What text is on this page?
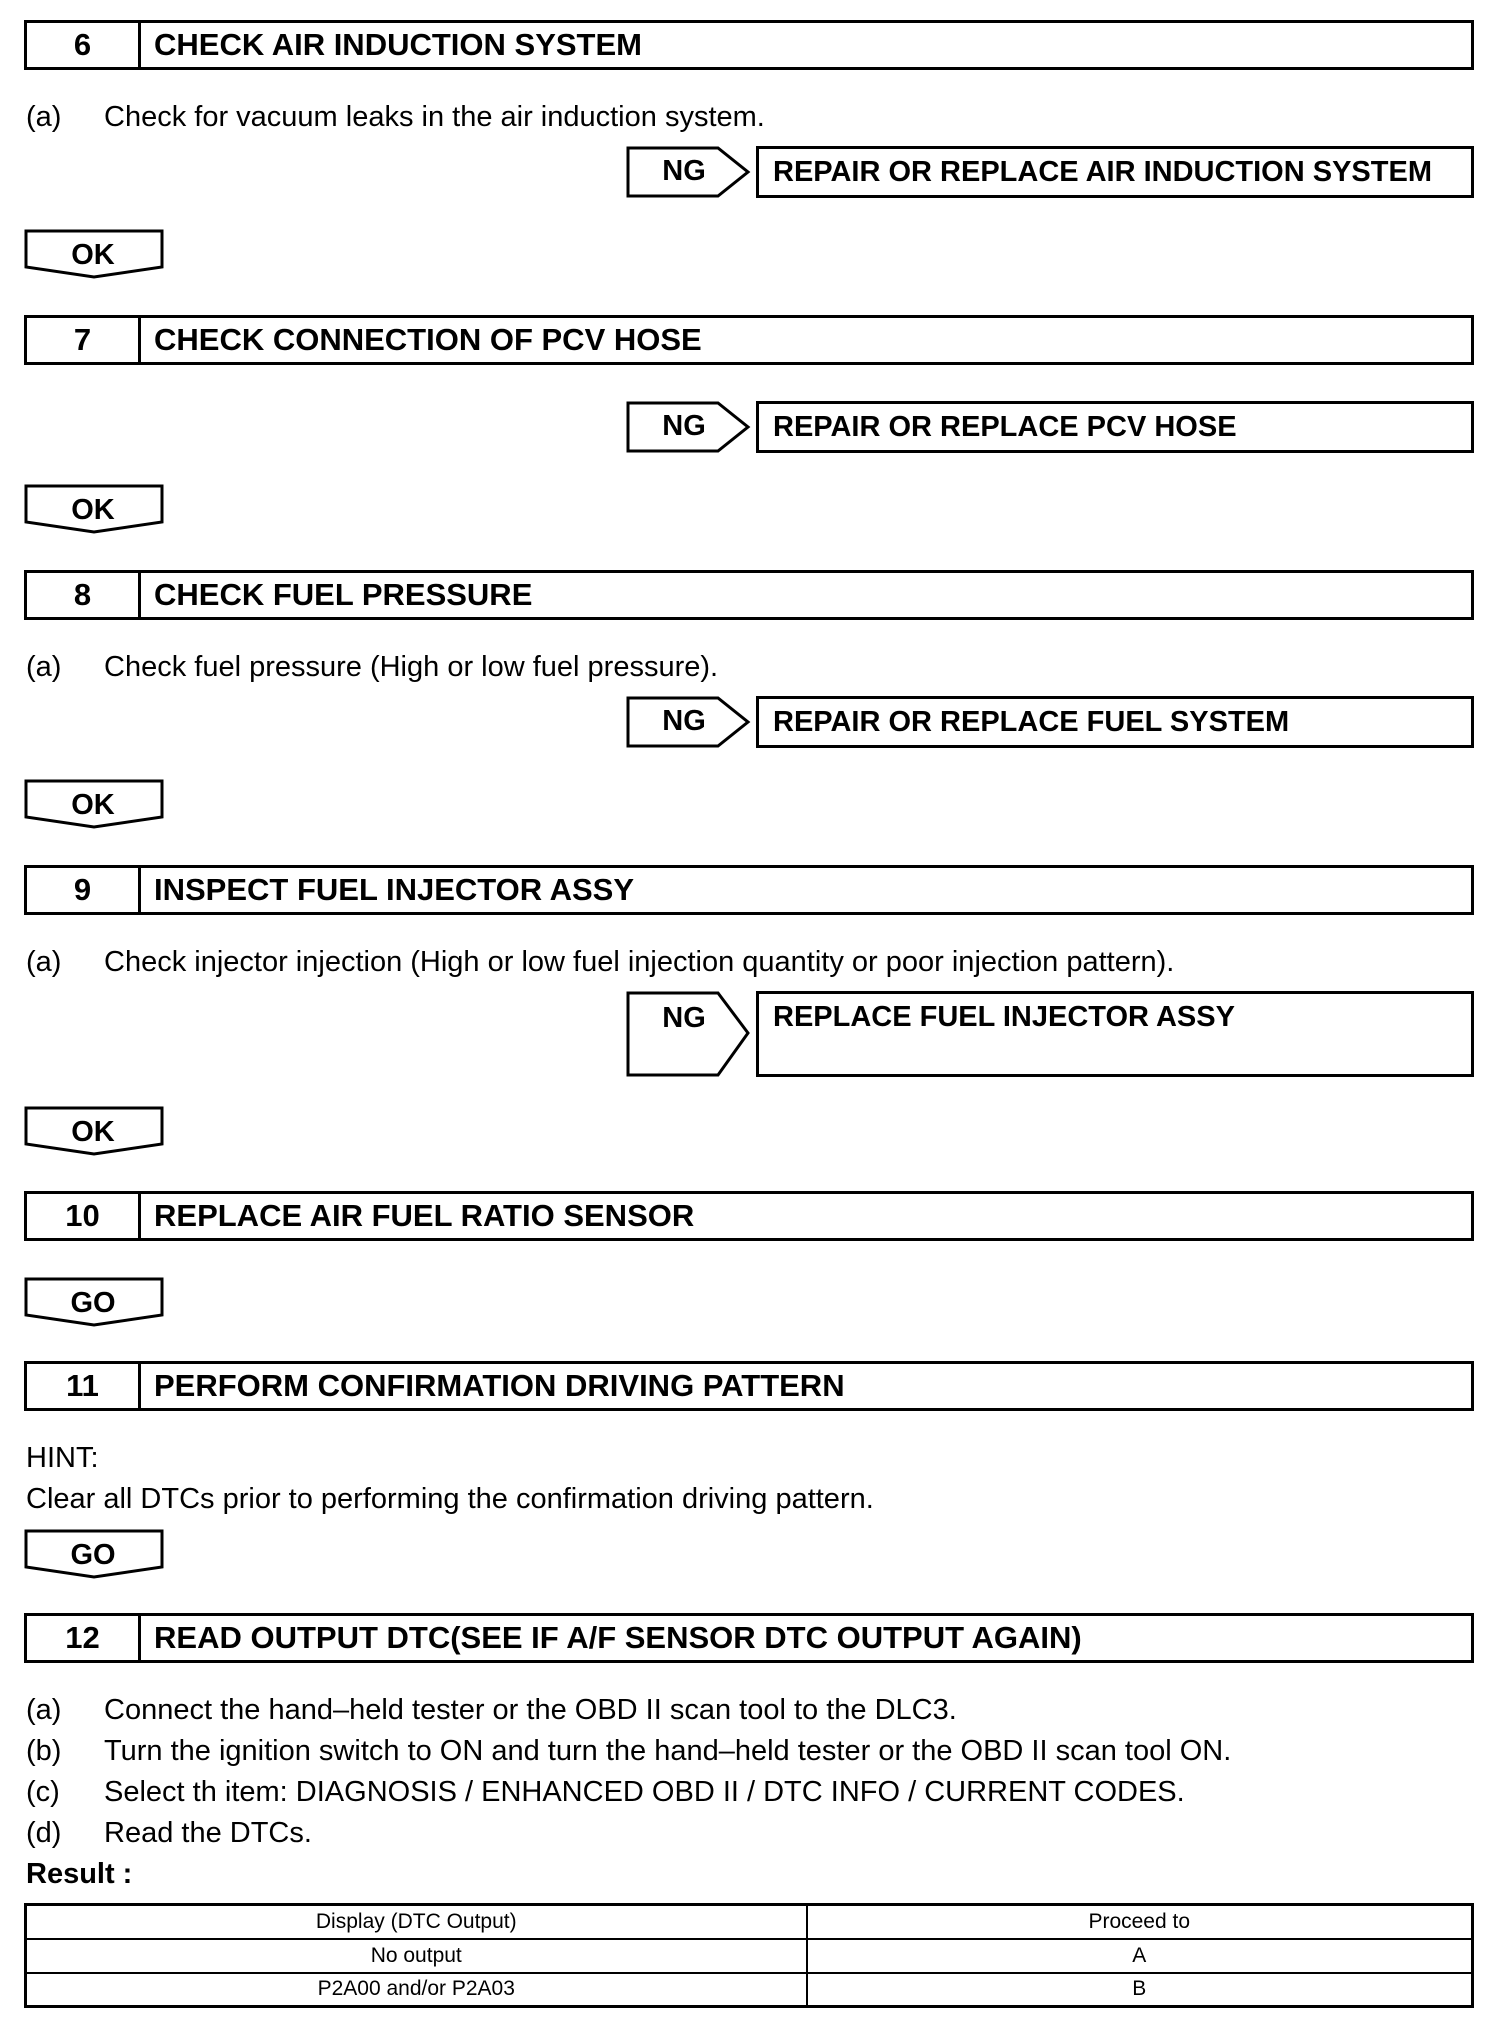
6	CHECK AIR INDUCTION SYSTEM
(a)	Check for vacuum leaks in the air induction system.
NG	REPAIR OR REPLACE AIR INDUCTION SYSTEM
OK
7	CHECK CONNECTION OF PCV HOSE
NG	REPAIR OR REPLACE PCV HOSE
OK
8	CHECK FUEL PRESSURE
(a)	Check fuel pressure (High or low fuel pressure).
NG	REPAIR OR REPLACE FUEL SYSTEM
OK
9	INSPECT FUEL INJECTOR ASSY
(a)	Check injector injection (High or low fuel injection quantity or poor injection pattern).
NG	REPLACE FUEL INJECTOR ASSY
OK
10	REPLACE AIR FUEL RATIO SENSOR
GO
11	PERFORM CONFIRMATION DRIVING PATTERN
HINT:
Clear all DTCs prior to performing the confirmation driving pattern.
GO
12	READ OUTPUT DTC(SEE IF A/F SENSOR DTC OUTPUT AGAIN)
(a)	Connect the hand–held tester or the OBD II scan tool to the DLC3.
(b)	Turn the ignition switch to ON and turn the hand–held tester or the OBD II scan tool ON.
(c)	Select th item: DIAGNOSIS / ENHANCED OBD II / DTC INFO / CURRENT CODES.
(d)	Read the DTCs.
Result :
Display (DTC Output)	Proceed to
No output	A
P2A00 and/or P2A03	B
